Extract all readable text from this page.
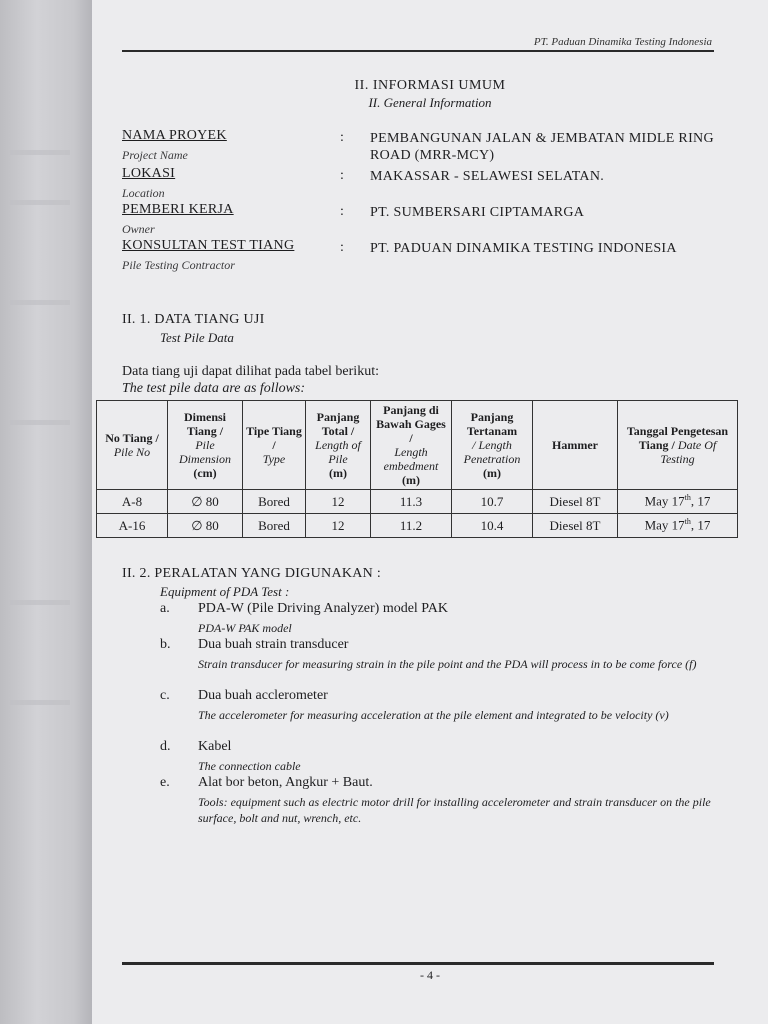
PT. Paduan Dinamika Testing Indonesia
II. INFORMASI UMUM
II. General Information
NAMA PROYEK
Project Name
: PEMBANGUNAN JALAN & JEMBATAN MIDLE RING ROAD (MRR-MCY)
LOKASI
Location
: MAKASSAR - SELAWESI SELATAN.
PEMBERI KERJA
Owner
: PT. SUMBERSARI CIPTAMARGA
KONSULTAN TEST TIANG
Pile Testing Contractor
: PT. PADUAN DINAMIKA TESTING INDONESIA
II. 1. DATA TIANG UJI
Test Pile Data
Data tiang uji dapat dilihat pada tabel berikut:
The test pile data are as follows:
No Tiang /
Pile No	Dimensi Tiang /
Pile Dimension
(cm)	Tipe Tiang /
Type	Panjang Total /
Length of Pile
(m)	Panjang di Bawah Gages /
Length embedment
(m)	Panjang Tertanam
/ Length Penetration
(m)	Hammer	Tanggal Pengetesan Tiang / Date Of Testing
A-8	∅ 80	Bored	12	11.3	10.7	Diesel 8T	May 17th, 17
A-16	∅ 80	Bored	12	11.2	10.4	Diesel 8T	May 17th, 17
II. 2. PERALATAN YANG DIGUNAKAN :
Equipment of PDA Test :
a. PDA-W (Pile Driving Analyzer) model PAK
PDA-W PAK model
b. Dua buah strain transducer
Strain transducer for measuring strain in the pile point and the PDA will process in to be come force (f)
c. Dua buah acclerometer
The accelerometer for measuring acceleration at the pile element and integrated to be velocity (v)
d. Kabel
The connection cable
e. Alat bor beton, Angkur + Baut.
Tools: equipment such as electric motor drill for installing accelerometer and strain transducer on the pile surface, bolt and nut, wrench, etc.
- 4 -
